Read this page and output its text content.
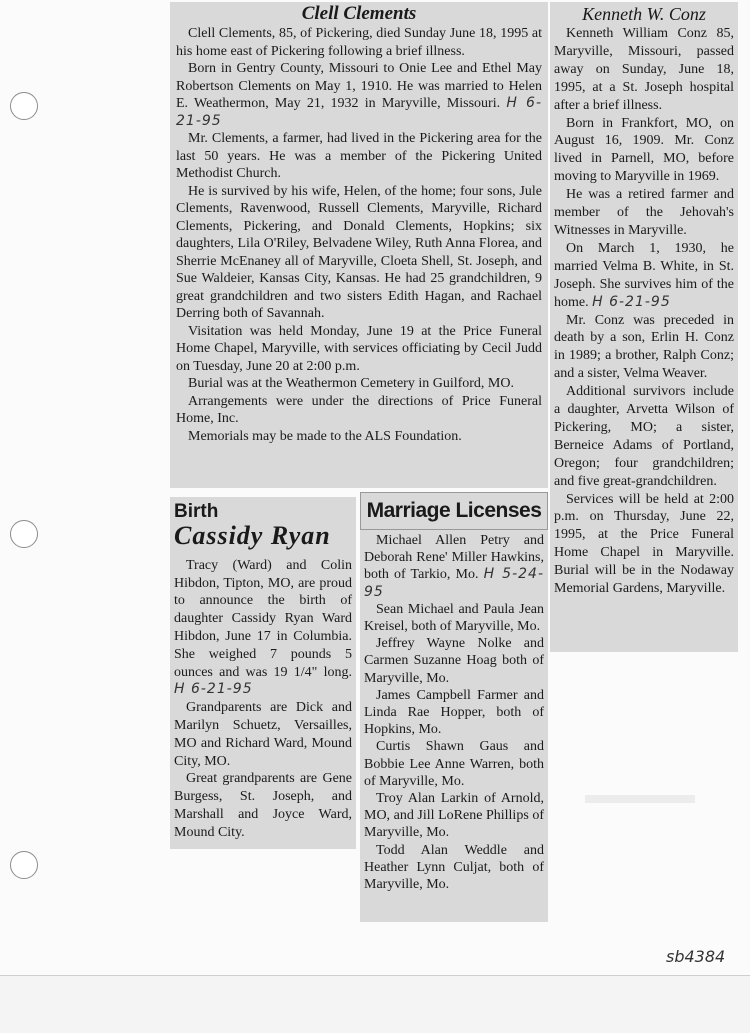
Clell Clements

Clell Clements, 85, of Pickering, died Sunday June 18, 1995 at his home east of Pickering following a brief illness.

Born in Gentry County, Missouri to Onie Lee and Ethel May Robertson Clements on May 1, 1910. He was married to Helen E. Weathermon, May 21, 1932 in Maryville, Missouri. H 6-21-95

Mr. Clements, a farmer, had lived in the Pickering area for the last 50 years. He was a member of the Pickering United Methodist Church.

He is survived by his wife, Helen, of the home; four sons, Jule Clements, Ravenwood, Russell Clements, Maryville, Richard Clements, Pickering, and Donald Clements, Hopkins; six daughters, Lila O'Riley, Belvadene Wiley, Ruth Anna Florea, and Sherrie McEnaney all of Maryville, Cloeta Shell, St. Joseph, and Sue Waldeier, Kansas City, Kansas. He had 25 grandchildren, 9 great grandchildren and two sisters Edith Hagan, and Rachael Derring both of Savannah.

Visitation was held Monday, June 19 at the Price Funeral Home Chapel, Maryville, with services officiating by Cecil Judd on Tuesday, June 20 at 2:00 p.m.

Burial was at the Weathermon Cemetery in Guilford, MO.

Arrangements were under the directions of Price Funeral Home, Inc.

Memorials may be made to the ALS Foundation.

Kenneth W. Conz

Kenneth William Conz 85, Maryville, Missouri, passed away on Sunday, June 18, 1995, at a St. Joseph hospital after a brief illness.

Born in Frankfort, MO, on August 16, 1909. Mr. Conz lived in Parnell, MO, before moving to Maryville in 1969.

He was a retired farmer and member of the Jehovah's Witnesses in Maryville.

On March 1, 1930, he married Velma B. White, in St. Joseph. She survives him of the home. H 6-21-95

Mr. Conz was preceded in death by a son, Erlin H. Conz in 1989; a brother, Ralph Conz; and a sister, Velma Weaver.

Additional survivors include a daughter, Arvetta Wilson of Pickering, MO; a sister, Berneice Adams of Portland, Oregon; four grandchildren; and five great-grandchildren.

Services will be held at 2:00 p.m. on Thursday, June 22, 1995, at the Price Funeral Home Chapel in Maryville. Burial will be in the Nodaway Memorial Gardens, Maryville.

Birth
Cassidy Ryan

Tracy (Ward) and Colin Hibdon, Tipton, MO, are proud to announce the birth of daughter Cassidy Ryan Ward Hibdon, June 17 in Columbia. She weighed 7 pounds 5 ounces and was 19 1/4" long. H 6-21-95

Grandparents are Dick and Marilyn Schuetz, Versailles, MO and Richard Ward, Mound City, MO.

Great grandparents are Gene Burgess, St. Joseph, and Marshall and Joyce Ward, Mound City.

Marriage Licenses

Michael Allen Petry and Deborah Rene' Miller Hawkins, both of Tarkio, Mo. H 5-24-95

Sean Michael and Paula Jean Kreisel, both of Maryville, Mo.

Jeffrey Wayne Nolke and Carmen Suzanne Hoag both of Maryville, Mo.

James Campbell Farmer and Linda Rae Hopper, both of Hopkins, Mo.

Curtis Shawn Gaus and Bobbie Lee Anne Warren, both of Maryville, Mo.

Troy Alan Larkin of Arnold, MO, and Jill LoRene Phillips of Maryville, Mo.

Todd Alan Weddle and Heather Lynn Culjat, both of Maryville, Mo.

sb4384
